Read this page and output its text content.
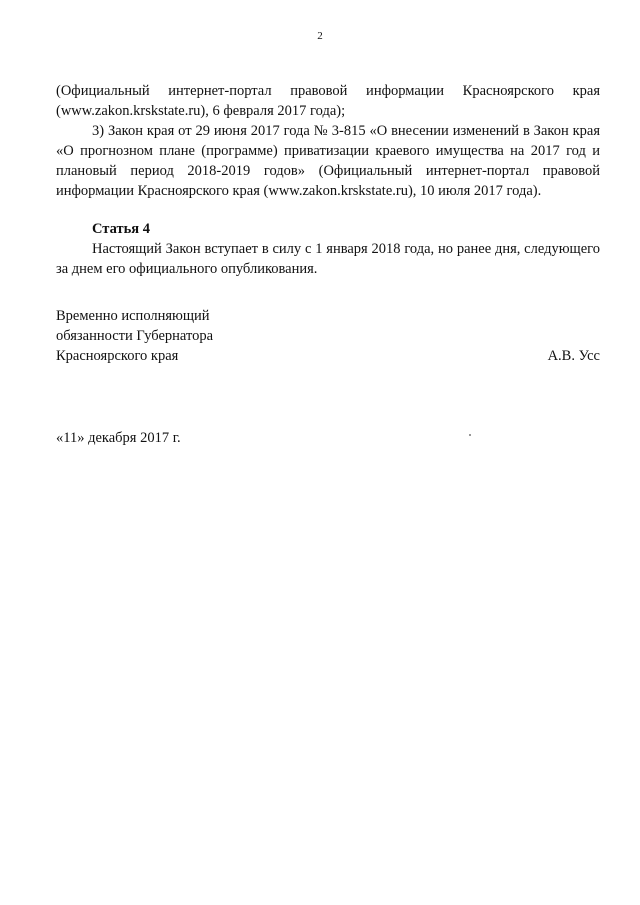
2

(Официальный интернет-портал правовой информации Красноярского края (www.zakon.krskstate.ru), 6 февраля 2017 года);

3) Закон края от 29 июня 2017 года № 3-815 «О внесении изменений в Закон края «О прогнозном плане (программе) приватизации краевого имущества на 2017 год и плановый период 2018-2019 годов» (Официальный интернет-портал правовой информации Красноярского края (www.zakon.krskstate.ru), 10 июля 2017 года).

Статья 4

Настоящий Закон вступает в силу с 1 января 2018 года, но ранее дня, следующего за днем его официального опубликования.

Временно исполняющий

обязанности Губернатора

Красноярского края	А.В. Усс
«11» декабря 2017 г.
